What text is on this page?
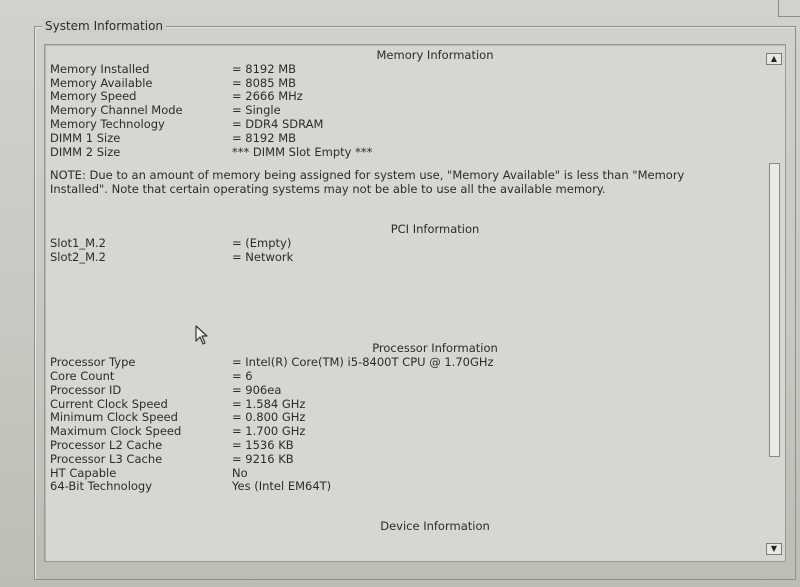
System Information
Memory Information
Memory Installed	= 8192 MB
Memory Available	= 8085 MB
Memory Speed	= 2666 MHz
Memory Channel Mode	= Single
Memory Technology	= DDR4 SDRAM
DIMM 1 Size	= 8192 MB
DIMM 2 Size	*** DIMM Slot Empty ***
NOTE: Due to an amount of memory being assigned for system use, "Memory Available" is less than "Memory Installed". Note that certain operating systems may not be able to use all the available memory.
PCI Information
Slot1_M.2	= (Empty)
Slot2_M.2	= Network
Processor Information
Processor Type	= Intel(R) Core(TM) i5-8400T CPU @ 1.70GHz
Core Count	= 6
Processor ID	= 906ea
Current Clock Speed	= 1.584 GHz
Minimum Clock Speed	= 0.800 GHz
Maximum Clock Speed	= 1.700 GHz
Processor L2 Cache	= 1536 KB
Processor L3 Cache	= 9216 KB
HT Capable	No
64-Bit Technology	Yes (Intel EM64T)
Device Information
▲
▼
